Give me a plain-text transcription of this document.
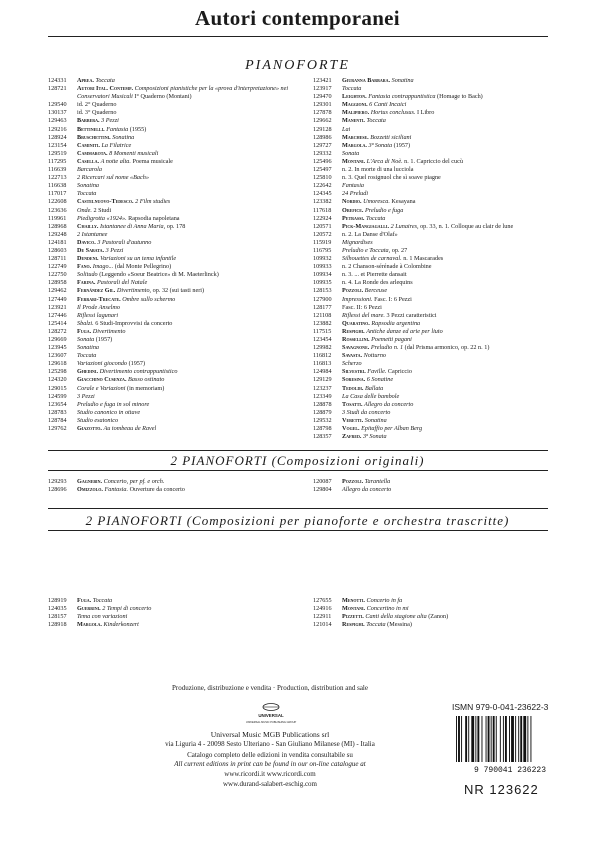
Autori contemporanei
PIANOFORTE
124331 Aprea. Toccata
128721 Autori Ital. Contemp. Composizioni pianistiche per la «prova d'interpretazione» nei Conservatori Musicali I° Quaderno (Montani)
129540 id. 2° Quaderno
130137 id. 3° Quaderno
129463 Barbera. 3 Pezzi
129216 Bettinelli. Fantasia (1955)
128924 Bruschettini. Sonatina
123154 Caminiti. La Filatrice
129519 Cammarota. 8 Momenti musicali
117295 Casella. A notte alta. Poema musicale
116639 Barcarola
122713 2 Ricercari sul nome «Bach»
116638 Sonatina
117017 Toccata
122608 Castelnuovo-Tedesco. 2 Film studies
123636 Onde. 2 Studi
119961 Piedigrotta «1924». Rapsodia napoletana
128968 Chailly. Istantanee di Anna Maria, op. 178
129248 2 Istantanee
124181 Davico. 3 Pastorali d'autunno
128603 De Sabata. 3 Pezzi
128711 Dendeni. Variazioni su un tema infantile
122749 Fano. Imago... (dal Monte Pellegrino)
122750 Solitudo (Leggendo «Soeur Beatrice» di M. Maeterlinck)
128958 Farina. Pastorali del Natale
129462 Fernández Gil. Divertimento, op. 32 (sui tasti neri)
127449 Ferrari-Trecate. Ombre sullo schermo
123921 Il Prode Anselmo
127446 Riflessi lagunari
125414 Sbalzi. 6 Studi-Improvvisi da concerto
128272 Fuga. Divertimento
129669 Sonata (1957)
123945 Sonatina
123607 Toccata
129618 Variazioni giocondo (1957)
125298 Ghedini. Divertimento contrappuntistico
124320 Giacchino Cusenza. Basso ostinato
129015 Corale e Variazioni (in memoriam)
124599 3 Pezzi
123654 Preludio e fuga in sol minore
128783 Studio canonico in ottave
128784 Studio esatonico
129762 Giazotto. Au tombeau de Ravel
123421 Giuranna Barbara. Sonatina
123917 Toccata
129470 Leighton. Fantasia contrappuntistica (Homage to Bach)
129301 Maggioni. 6 Canti Incaici
127878 Malipiero. Hortus conclusus. I Libro
129662 Manenti. Toccata
129128 Lai
128986 Marchese. Bozzetti siciliani
129727 Margola. 3ª Sonata (1957)
129332 Sonata
125496 Montani. L'Arca di Noè. n. 1. Capriccio del cucù
125497 n. 2. In morte di una lucciola
125810 n. 3. Quel rosignuol che sì soave piagne
122642 Fantasia
124345 24 Preludi
123382 Nordio. Umoresca. Kesayana
117618 Orefice. Preludio e fuga
122924 Petrassi. Toccata
120571 Pick-Mangiagalli. 2 Lunaires, op. 33, n. 1. Colloque au clair de lune
120572 n. 2. La Danse d'Olaf»
115919 Mignardises
116795 Preludio e Toccata, op. 27
109932 Silhouettes de carnaval. n. 1 Mascarades
109933 n. 2 Chanson-sérénade à Colombine
109934 n. 3. ... et Pierrette dansait
109935 n. 4. La Ronde des arlequins
128153 Pozzoli. Berceuse
127900 Impressioni. Fasc. I: 6 Pezzi
128177 Fasc. II: 6 Pezzi
121108 Riflessi del mare. 3 Pezzi caratteristici
123882 Quaratino. Rapsodia argentina
117515 Respighi. Antiche danze ed arie per liuto
123454 Rossellini. Poemetti pagani
129982 Savagnone. Preludio n. 1 (dal Prisma armonico, op. 22 n. 1)
116812 Savasta. Notturno
116813 Scherzo
124984 Silvestri. Faville. Capriccio
129129 Soresina. 6 Sonatine
123237 Tedoldi. Ballata
123349 La Casa delle bambole
128878 Tosatti. Allegro da concerto
128879 3 Studi da concerto
129532 Veretti. Sonatina
128798 Vogel. Epitaffio per Alban Berg
128357 Zafred. 3ª Sonata
2 PIANOFORTI (Composizioni originali)
129293 Gagnebin. Concerto, per pf. e orch.
128696 Omizzolo. Fantasia. Ouverture da concerto
120087 Pozzoli. Tarantella
129804 Allegro da concerto
2 PIANOFORTI (Composizioni per pianoforte e orchestra trascritte)
128919 Fuga. Toccata
124035 Guerrini. 2 Tempi di concerto
128157 Tema con variazioni
128918 Margola. Kinderkonzert
127655 Menotti. Concerto in fa
124916 Montani. Concertino in mi
122911 Pizzetti. Canti della stagione alta (Zanon)
121014 Respighi. Toccata (Messina)
Produzione, distribuzione e vendita · Production, distribution and sale
UNIVERSAL
UNIVERSAL MUSIC PUBLISHING GROUP
Universal Music MGB Publications srl
via Liguria 4 - 20098 Sesto Ulteriano - San Giuliano Milanese (MI) - Italia
Catalogo completo delle edizioni in vendita consultabile su
All current editions in print can be found in our on-line catalogue at
www.ricordi.it www.ricordi.com
www.durand-salabert-eschig.com
ISMN 979-0-041-23622-3
9 790041 236223
NR 123622
